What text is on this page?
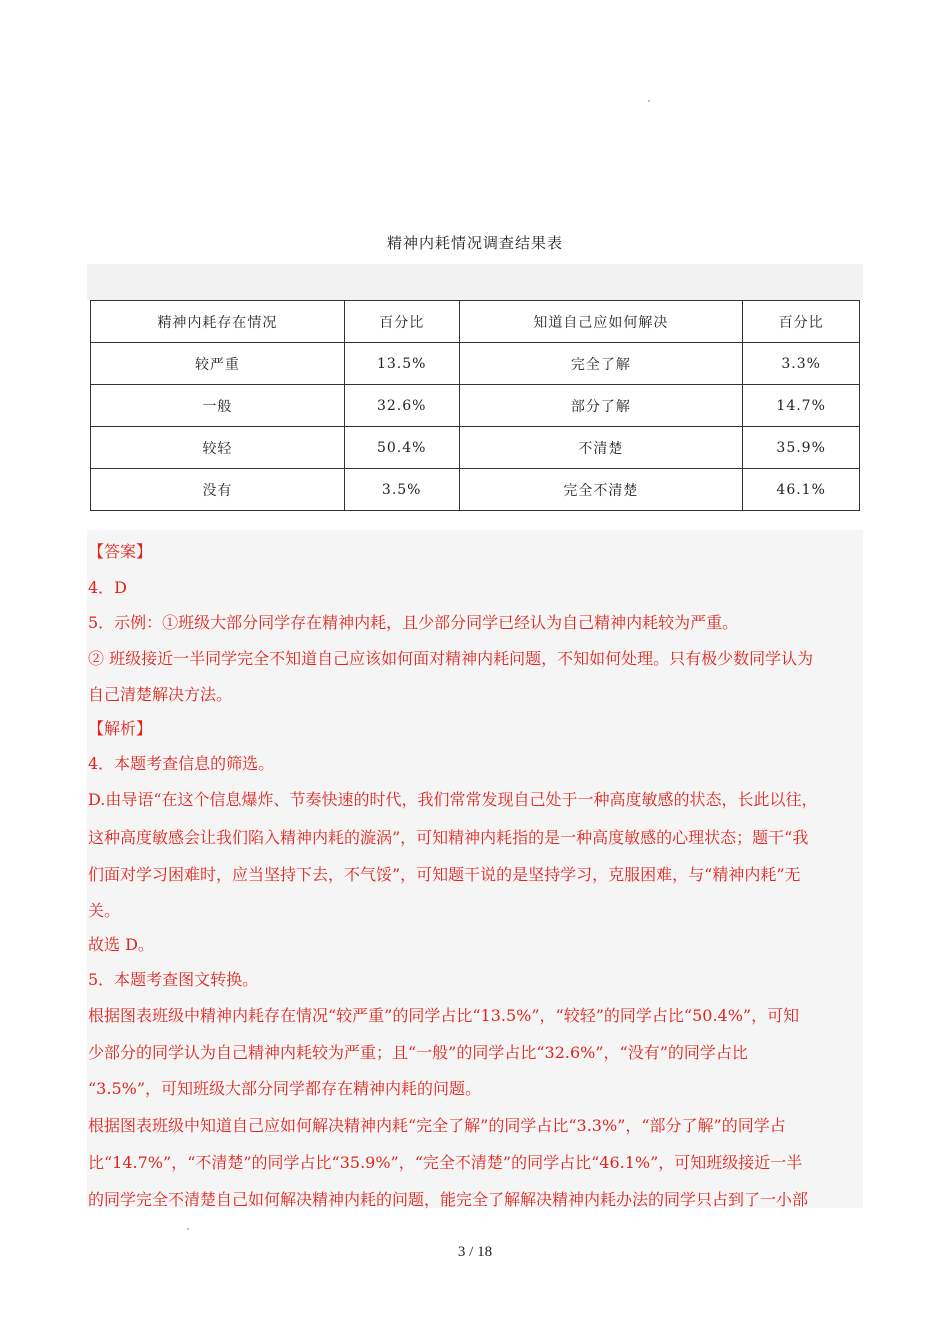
精神内耗情况调查结果表
精神内耗存在情况	百分比	知道自己应如何解决	百分比
较严重	13.5%	完全了解	3.3%
一般	32.6%	部分了解	14.7%
较轻	50.4%	不清楚	35.9%
没有	3.5%	完全不清楚	46.1%
【答案】
4．D
5．示例：①班级大部分同学存在精神内耗，且少部分同学已经认为自己精神内耗较为严重。
② 班级接近一半同学完全不知道自己应该如何面对精神内耗问题，不知如何处理。只有极少数同学认为
自己清楚解决方法。
【解析】
4．本题考查信息的筛选。
D.由导语“在这个信息爆炸、节奏快速的时代，我们常常发现自己处于一种高度敏感的状态，长此以往，
这种高度敏感会让我们陷入精神内耗的漩涡”，可知精神内耗指的是一种高度敏感的心理状态；题干“我
们面对学习困难时，应当坚持下去，不气馁”，可知题干说的是坚持学习，克服困难，与“精神内耗”无
关。
故选 D。
5．本题考查图文转换。
根据图表班级中精神内耗存在情况“较严重”的同学占比“13.5%”，“较轻”的同学占比“50.4%”，可知
少部分的同学认为自己精神内耗较为严重；且“一般”的同学占比“32.6%”，“没有”的同学占比
“3.5%”，可知班级大部分同学都存在精神内耗的问题。
根据图表班级中知道自己应如何解决精神内耗“完全了解”的同学占比“3.3%”，“部分了解”的同学占
比“14.7%”，“不清楚”的同学占比“35.9%”，“完全不清楚”的同学占比“46.1%”，可知班级接近一半
的同学完全不清楚自己如何解决精神内耗的问题，能完全了解解决精神内耗办法的同学只占到了一小部
3 / 18
